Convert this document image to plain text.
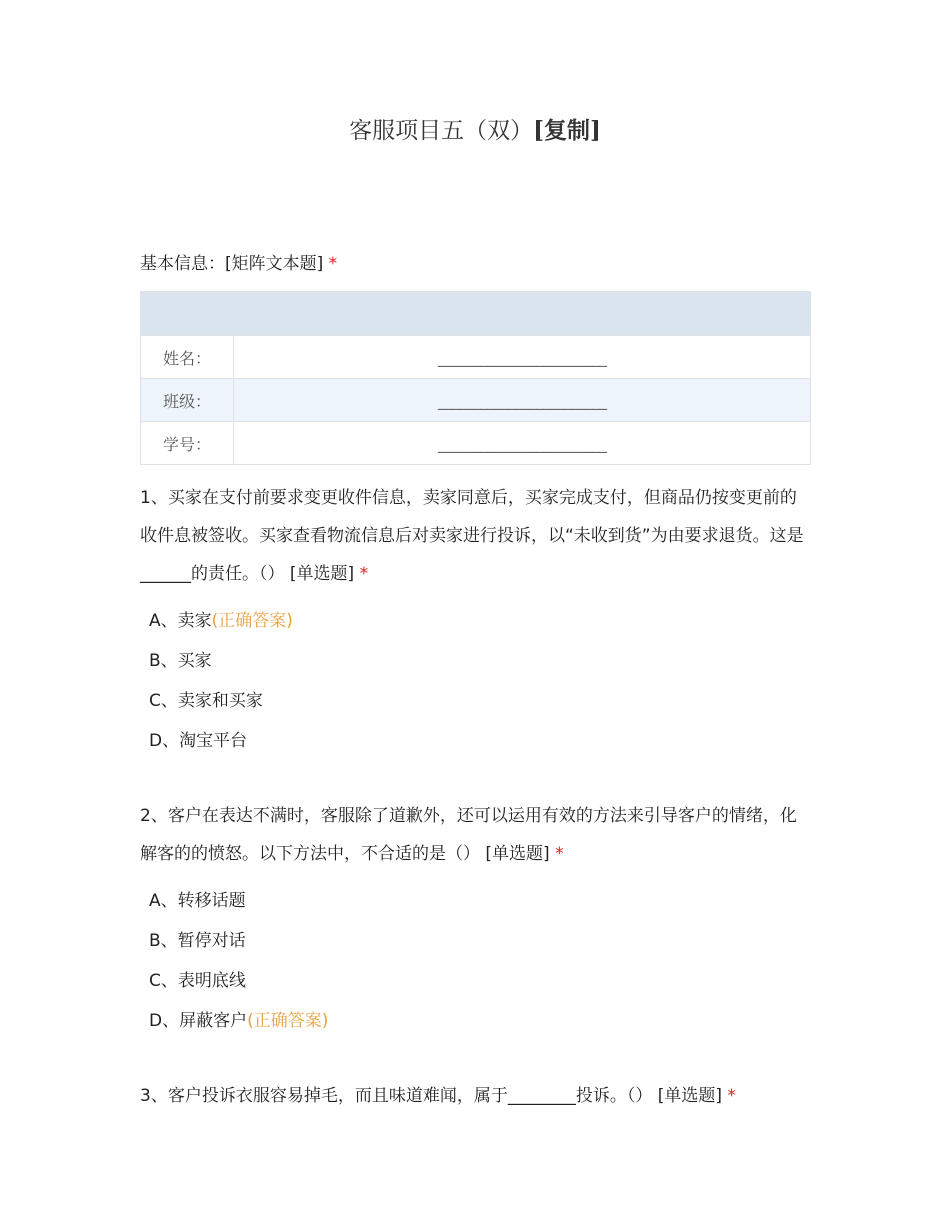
客服项目五（双）[复制]
基本信息：[矩阵文本题] *

姓名：	________________________
班级：	________________________
学号：	________________________
1、买家在支付前要求变更收件信息，卖家同意后，买家完成支付，但商品仍按变更前的收件息被签收。买家查看物流信息后对卖家进行投诉，以“未收到货”为由要求退货。这是______的责任。（） [单选题] *
A、卖家(正确答案)
B、买家
C、卖家和买家
D、淘宝平台
2、客户在表达不满时，客服除了道歉外，还可以运用有效的方法来引导客户的情绪，化解客的的愤怒。以下方法中，不合适的是（） [单选题] *
A、转移话题
B、暂停对话
C、表明底线
D、屏蔽客户(正确答案)
3、客户投诉衣服容易掉毛，而且味道难闻，属于________投诉。（） [单选题] *
